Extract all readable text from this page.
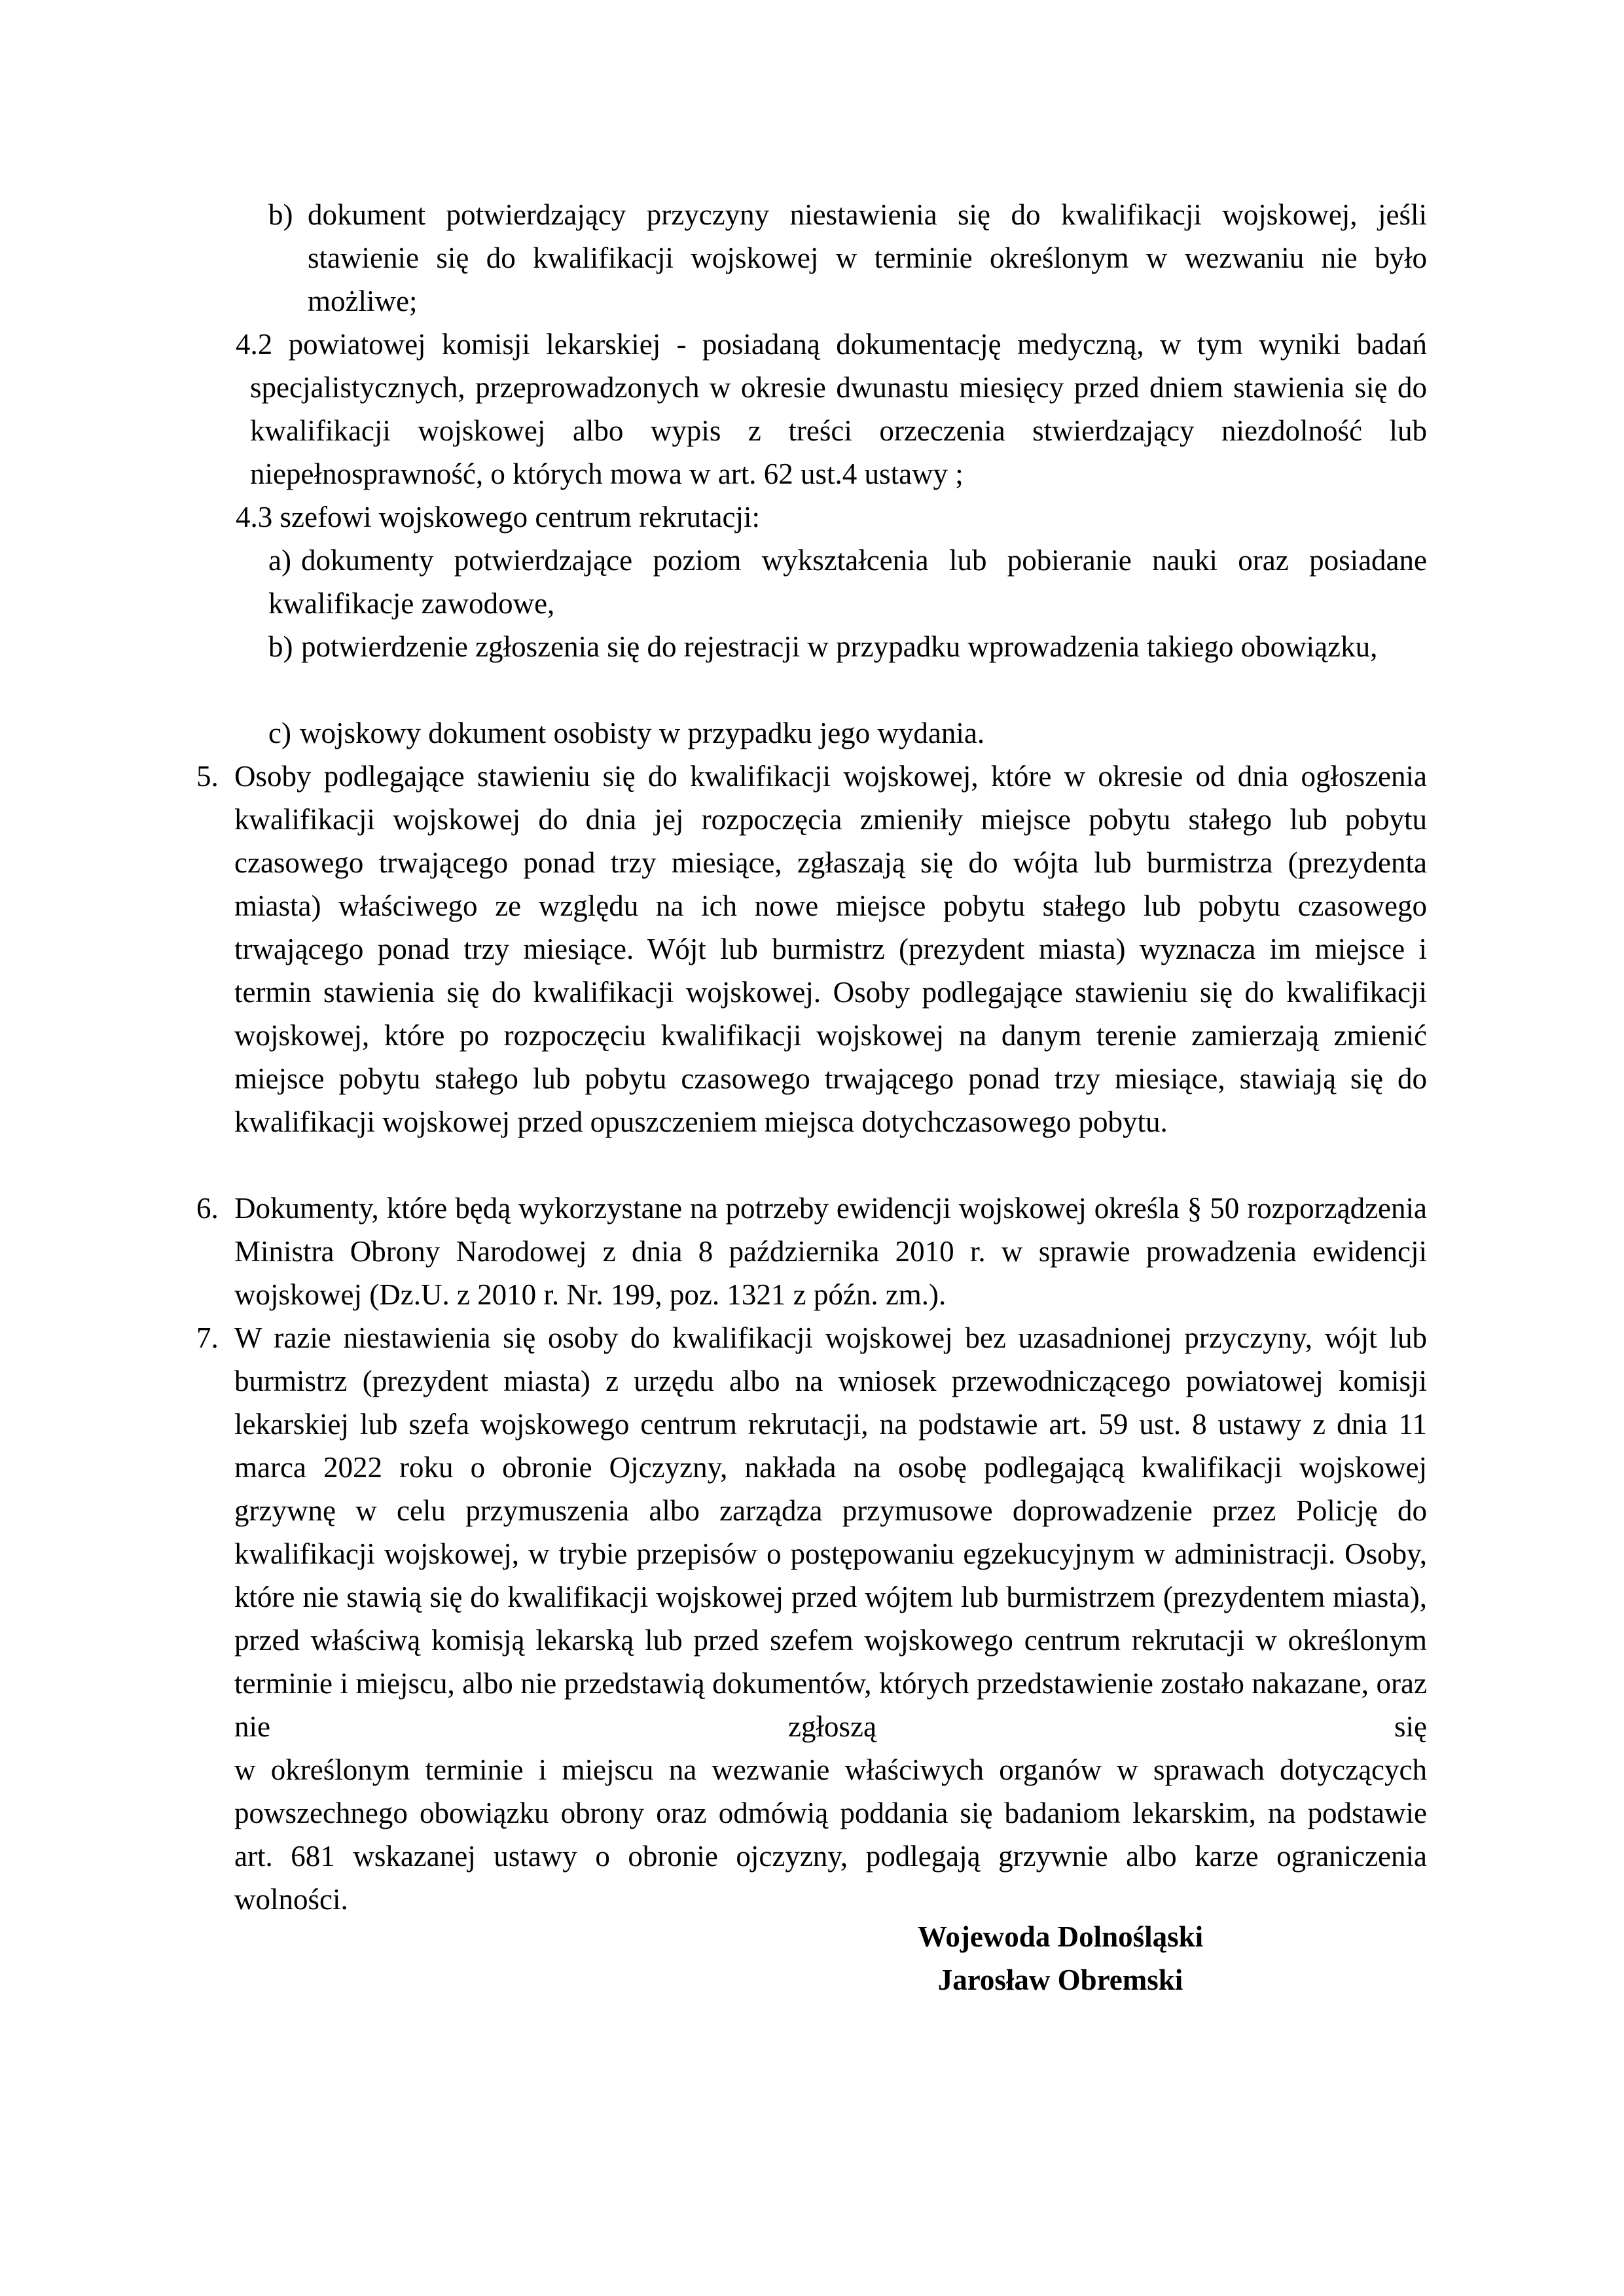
b) dokument potwierdzający przyczyny niestawienia się do kwalifikacji wojskowej, jeśli stawienie się do kwalifikacji wojskowej w terminie określonym w wezwaniu nie było możliwe;
4.2 powiatowej komisji lekarskiej - posiadaną dokumentację medyczną, w tym wyniki badań specjalistycznych, przeprowadzonych w okresie dwunastu miesięcy przed dniem stawienia się do kwalifikacji wojskowej albo wypis z treści orzeczenia stwierdzający niezdolność lub niepełnosprawność, o których mowa w art. 62 ust.4 ustawy ;
4.3 szefowi wojskowego centrum rekrutacji:
a) dokumenty potwierdzające poziom wykształcenia lub pobieranie nauki oraz posiadane kwalifikacje zawodowe,
b) potwierdzenie zgłoszenia się do rejestracji w przypadku wprowadzenia takiego obowiązku,
c) wojskowy dokument osobisty w przypadku jego wydania.
5. Osoby podlegające stawieniu się do kwalifikacji wojskowej, które w okresie od dnia ogłoszenia kwalifikacji wojskowej do dnia jej rozpoczęcia zmieniły miejsce pobytu stałego lub pobytu czasowego trwającego ponad trzy miesiące, zgłaszają się do wójta lub burmistrza (prezydenta miasta) właściwego ze względu na ich nowe miejsce pobytu stałego lub pobytu czasowego trwającego ponad trzy miesiące. Wójt lub burmistrz (prezydent miasta) wyznacza im miejsce i termin stawienia się do kwalifikacji wojskowej. Osoby podlegające stawieniu się do kwalifikacji wojskowej, które po rozpoczęciu kwalifikacji wojskowej na danym terenie zamierzają zmienić miejsce pobytu stałego lub pobytu czasowego trwającego ponad trzy miesiące, stawiają się do kwalifikacji wojskowej przed opuszczeniem miejsca dotychczasowego pobytu.
6. Dokumenty, które będą wykorzystane na potrzeby ewidencji wojskowej określa § 50 rozporządzenia Ministra Obrony Narodowej z dnia 8 października 2010 r. w sprawie prowadzenia ewidencji wojskowej (Dz.U. z 2010 r. Nr. 199, poz. 1321 z późn. zm.).
7. W razie niestawienia się osoby do kwalifikacji wojskowej bez uzasadnionej przyczyny, wójt lub burmistrz (prezydent miasta) z urzędu albo na wniosek przewodniczącego powiatowej komisji lekarskiej lub szefa wojskowego centrum rekrutacji, na podstawie art. 59 ust. 8 ustawy z dnia 11 marca 2022 roku o obronie Ojczyzny, nakłada na osobę podlegającą kwalifikacji wojskowej grzywnę w celu przymuszenia albo zarządza przymusowe doprowadzenie przez Policję do kwalifikacji wojskowej, w trybie przepisów o postępowaniu egzekucyjnym w administracji. Osoby, które nie stawią się do kwalifikacji wojskowej przed wójtem lub burmistrzem (prezydentem miasta), przed właściwą komisją lekarską lub przed szefem wojskowego centrum rekrutacji w określonym terminie i miejscu, albo nie przedstawią dokumentów, których przedstawienie zostało nakazane, oraz nie zgłoszą się
w określonym terminie i miejscu na wezwanie właściwych organów w sprawach dotyczących powszechnego obowiązku obrony oraz odmówią poddania się badaniom lekarskim, na podstawie art. 681 wskazanej ustawy o obronie ojczyzny, podlegają grzywnie albo karze ograniczenia wolności.
Wojewoda Dolnośląski
Jarosław Obremski
